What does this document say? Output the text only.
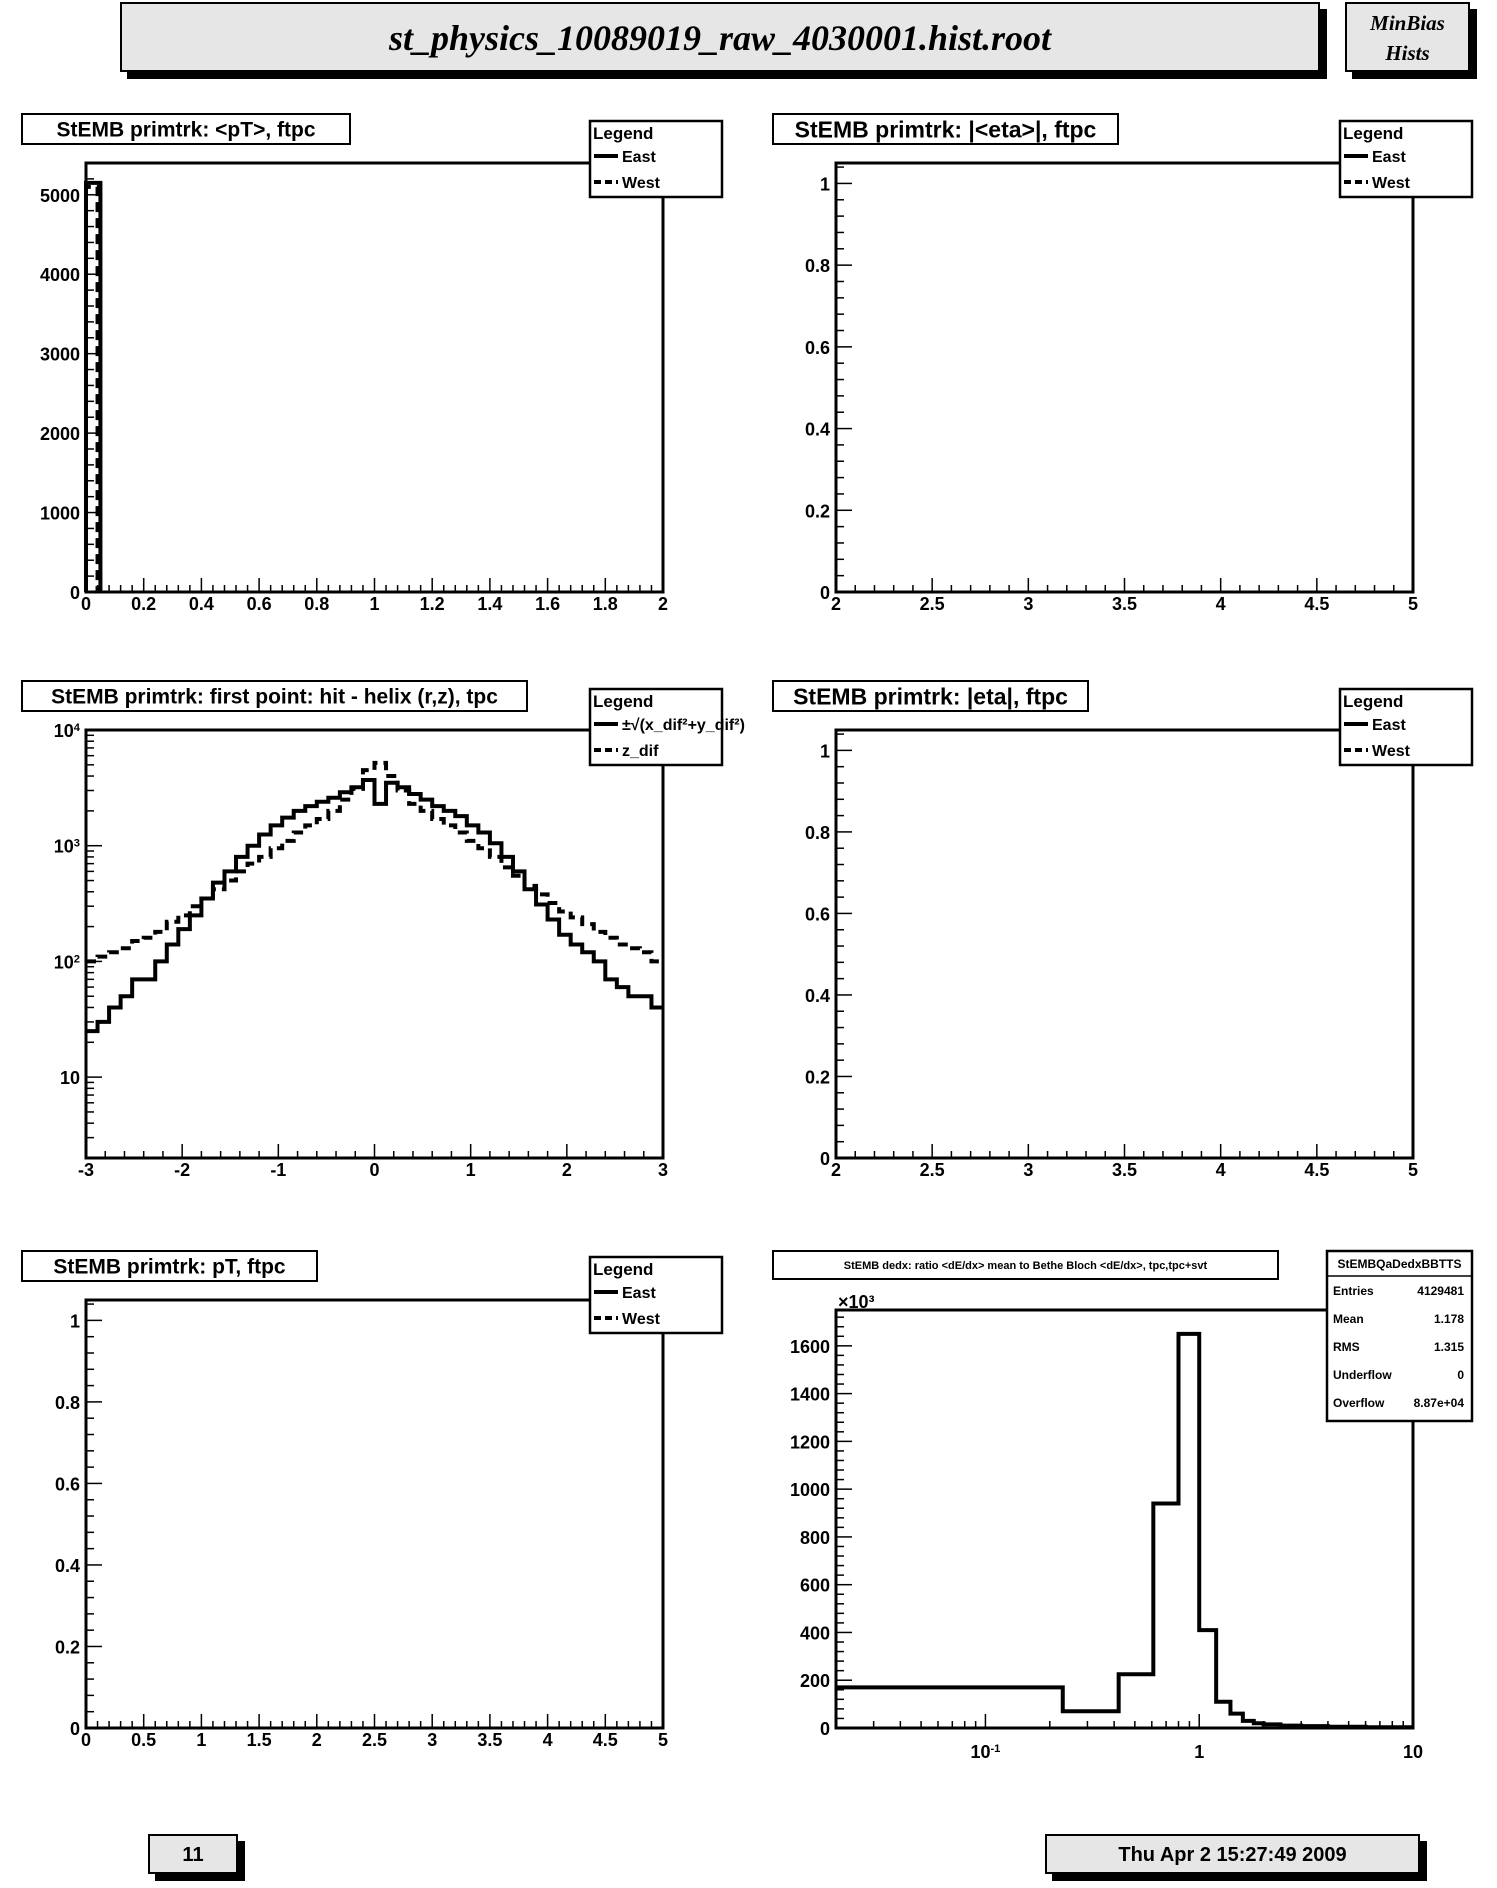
st_physics_10089019_raw_4030001.hist.root	MinBias
Hists
StEMB primtrk: <pT>, ftpc
0 0.2 0.4 0.6 0.8 1 1.2 1.4 1.6 1.8 2
0
1000
2000
3000
4000
5000
Legend
East
West
StEMB primtrk: |<eta>|, ftpc
2	2.5	3	3.5	4	4.5	5
0
0.2
0.4
0.6
0.8
1
Legend
East
West
StEMB primtrk: first point: hit - helix (r,z), tpc
-3	-2	-1	0	1	2	3
10
$10^2$
$10^3$
$10^4$
Legend
±√(x_dif²+y_dif²)
z_dif
StEMB primtrk: |eta|, ftpc
2	2.5	3	3.5	4	4.5	5
0
0.2
0.4
0.6
0.8
1
Legend
East
West
StEMB primtrk: pT, ftpc
0 0.5 1 1.5 2 2.5 3 3.5 4 4.5 5
0
0.2
0.4
0.6
0.8
1
Legend
East
West
StEMB dedx: ratio <dE/dx> mean to Bethe Bloch <dE/dx>, tpc,tpc+svt
$10^{-1}$	1	10
0
200
400
600
800
1000
1200
1400
1600
×10³
StEMBQaDedxBBTTS
Entries	4129481
Mean	1.178
RMS	1.315
Underflow	0
Overflow 8.87e+04
11	Thu Apr 2 15:27:49 2009
